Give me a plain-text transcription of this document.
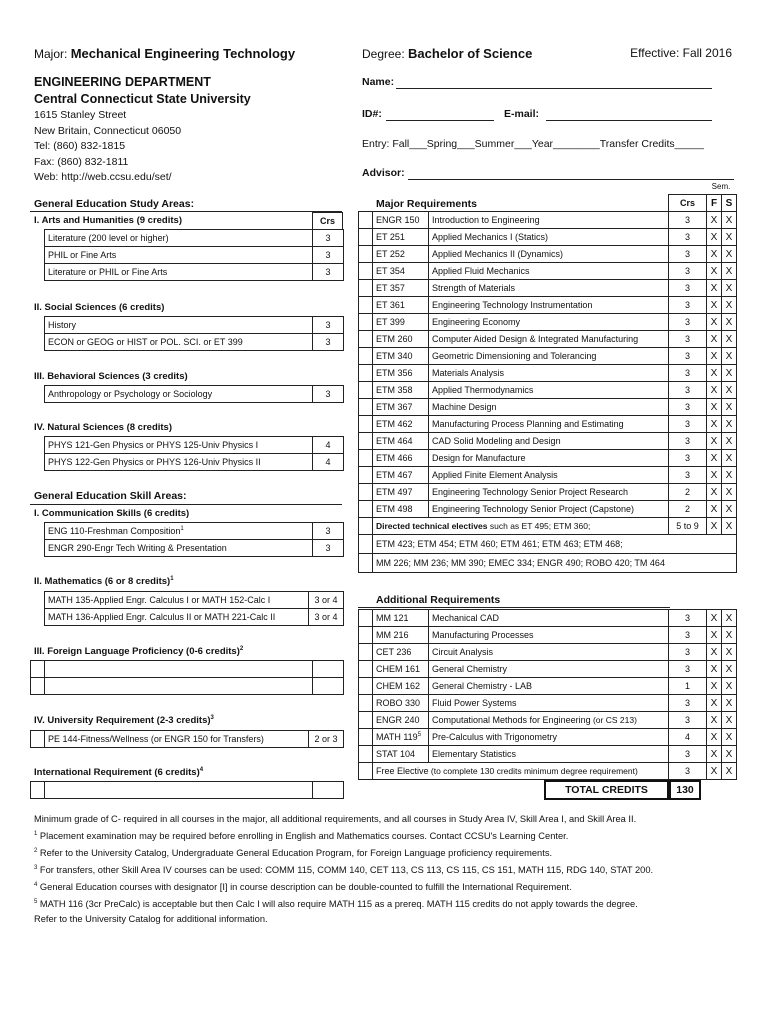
Major: Mechanical Engineering Technology	Degree: Bachelor of Science	Effective: Fall 2016
ENGINEERING DEPARTMENT
Central Connecticut State University
1615 Stanley Street
New Britain, Connecticut 06050
Tel: (860) 832-1815
Fax: (860) 832-1811
Web: http://web.ccsu.edu/set/
Name:
ID#:	E-mail:
Entry: Fall___Spring___Summer___Year________Transfer Credits_____
Advisor:
General Education Study Areas:
I. Arts and Humanities (9 credits)	Crs
Literature (200 level or higher)	3
PHIL or Fine Arts	3
Literature or PHIL or Fine Arts	3
II. Social Sciences (6 credits)
History	3
ECON or GEOG or HIST or POL. SCI. or ET 399	3
III. Behavioral Sciences (3 credits)
Anthropology or Psychology or Sociology	3
IV. Natural Sciences (8 credits)
PHYS 121-Gen Physics or PHYS 125-Univ Physics I	4
PHYS 122-Gen Physics or PHYS 126-Univ Physics II	4
General Education Skill Areas:
I. Communication Skills (6 credits)
ENG 110-Freshman Composition$^1$	3
ENGR 290-Engr Tech Writing & Presentation	3
II. Mathematics (6 or 8 credits)$^1$
MATH 135-Applied Engr. Calculus I or MATH 152-Calc I	3 or 4
MATH 136-Applied Engr. Calculus II or MATH 221-Calc II	3 or 4
III. Foreign Language Proficiency (0-6 credits)$^2$

IV. University Requirement (2-3 credits)$^3$
	PE 144-Fitness/Wellness (or ENGR 150 for Transfers)	2 or 3
International Requirement (6 credits)$^4$

Sem.
Major Requirements
				Crs	F	S
	ENGR 150	Introduction to Engineering	3	X	X
	ET 251	Applied Mechanics I (Statics)	3	X	X
	ET 252	Applied Mechanics II (Dynamics)	3	X	X
	ET 354	Applied Fluid Mechanics	3	X	X
	ET 357	Strength of Materials	3	X	X
	ET 361	Engineering Technology Instrumentation	3	X	X
	ET 399	Engineering Economy	3	X	X
	ETM 260	Computer Aided Design & Integrated Manufacturing	3	X	X
	ETM 340	Geometric Dimensioning and Tolerancing	3	X	X
	ETM 356	Materials Analysis	3	X	X
	ETM 358	Applied Thermodynamics	3	X	X
	ETM 367	Machine Design	3	X	X
	ETM 462	Manufacturing Process Planning and Estimating	3	X	X
	ETM 464	CAD Solid Modeling and Design	3	X	X
	ETM 466	Design for Manufacture	3	X	X
	ETM 467	Applied Finite Element Analysis	3	X	X
	ETM 497	Engineering Technology Senior Project Research	2	X	X
	ETM 498	Engineering Technology Senior Project (Capstone)	2	X	X
	Directed technical electives such as ET 495; ETM 360;		5 to 9	X	X
	ETM 423; ETM 454; ETM 460; ETM 461; ETM 463; ETM 468;				
	MM 226; MM 236; MM 390; EMEC 334; ENGR 490; ROBO 420; TM 464				
Additional Requirements
	MM 121	Mechanical CAD	3	X	X
	MM 216	Manufacturing Processes	3	X	X
	CET 236	Circuit Analysis	3	X	X
	CHEM 161	General Chemistry	3	X	X
	CHEM 162	General Chemistry - LAB	1	X	X
	ROBO 330	Fluid Power Systems	3	X	X
	ENGR 240	Computational Methods for Engineering (or CS 213)	3	X	X
	MATH $119^5$	Pre-Calculus with Trigonometry	4	X	X
	STAT 104	Elementary Statistics	3	X	X
	Free Elective (to complete 130 credits minimum degree requirement)		3	X	X
TOTAL CREDITS	130
Minimum grade of C- required in all courses in the major, all additional requirements, and all courses in Study Area IV, Skill Area I, and Skill Area II.
$^1$ Placement examination may be required before enrolling in English and Mathematics courses. Contact CCSU's Learning Center.
$^2$ Refer to the University Catalog, Undergraduate General Education Program, for Foreign Language proficiency requirements.
$^3$ For transfers, other Skill Area IV courses can be used: COMM 115, COMM 140, CET 113, CS 113, CS 115, CS 151, MATH 115, RDG 140, STAT 200.
$^4$ General Education courses with designator [I] in course description can be double-counted to fulfill the International Requirement.
$^5$ MATH 116 (3cr PreCalc) is acceptable but then Calc I will also require MATH 115 as a prereq. MATH 115 credits do not apply towards the degree.
Refer to the University Catalog for additional information.
